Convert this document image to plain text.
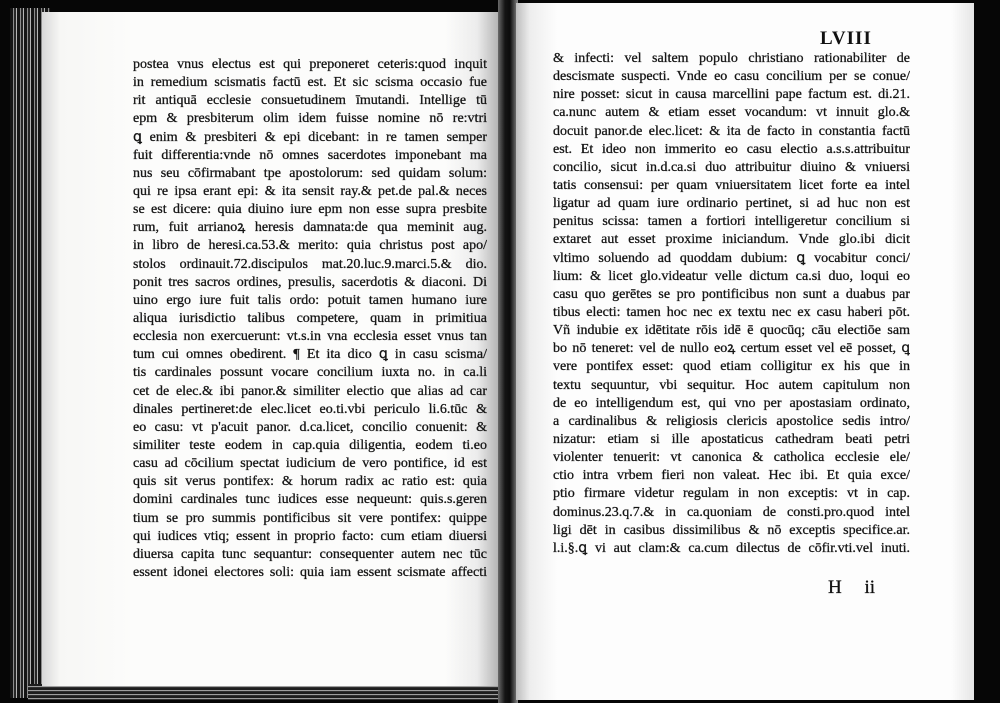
postea vnus electus est qui preponeret ceteris:quod inquit
in remedium scismatis factū est. Et sic scisma occasio fue
rit antiquā ecclesie consuetudinem īmutandi. Intellige tū
epm & presbiterum olim idem fuisse nomine nō re:vtri
ꝗ enim & presbiteri & epi dicebant: in re tamen semper
fuit differentia:vnde nō omnes sacerdotes imponebant ma
nus seu cōfirmabant tpe apostolorum: sed quidam solum:
qui re ipsa erant epi: & ita sensit ray.& pet.de pal.& neces
se est dicere: quia diuino iure epm non esse supra presbite
rum, fuit arrianoꝝ heresis damnata:de qua meminit aug.
in libro de heresi.ca.53.& merito: quia christus post apo/
stolos ordinauit.72.discipulos mat.20.luc.9.marci.5.& dio.
ponit tres sacros ordines, presulis, sacerdotis & diaconi. Di
uino ergo iure fuit talis ordo: potuit tamen humano iure
aliqua iurisdictio talibus competere, quam in primitiua
ecclesia non exercuerunt: vt.s.in vna ecclesia esset vnus tan
tum cui omnes obedirent. ¶ Et ita dico ꝗ in casu scisma/
tis cardinales possunt vocare concilium iuxta no. in ca.li
cet de elec.& ibi panor.& similiter electio que alias ad car
dinales pertineret:de elec.licet eo.ti.vbi periculo li.6.tūc &
eo casu: vt p'acuit panor. d.ca.licet, concilio conuenit: &
similiter teste eodem in cap.quia diligentia, eodem ti.eo
casu ad cōcilium spectat iudicium de vero pontifice, id est
quis sit verus pontifex: & horum radix ac ratio est: quia
domini cardinales tunc iudices esse nequeunt: quis.s.geren
tium se pro summis pontificibus sit vere pontifex: quippe
qui iudices vtiq; essent in proprio facto: cum etiam diuersi
diuersa capita tunc sequantur: consequenter autem nec tūc
essent idonei electores soli: quia iam essent scismate affecti
LVIII
& infecti: vel saltem populo christiano rationabiliter de
descismate suspecti. Vnde eo casu concilium per se conue/
nire posset: sicut in causa marcellini pape factum est. di.21.
ca.nunc autem & etiam esset vocandum: vt innuit glo.&
docuit panor.de elec.licet: & ita de facto in constantia factū
est. Et ideo non immerito eo casu electio a.s.s.attribuitur
concilio, sicut in.d.ca.si duo attribuitur diuino & vniuersi
tatis consensui: per quam vniuersitatem licet forte ea intel
ligatur ad quam iure ordinario pertinet, si ad huc non est
penitus scissa: tamen a fortiori intelligeretur concilium si
extaret aut esset proxime iniciandum. Vnde glo.ibi dicit
vltimo soluendo ad quoddam dubium: ꝗ vocabitur conci/
lium: & licet glo.videatur velle dictum ca.si duo, loqui eo
casu quo gerētes se pro pontificibus non sunt a duabus par
tibus electi: tamen hoc nec ex textu nec ex casu haberi pōt.
Vñ indubie ex idētitate rōis idē ē quocūq; cāu electiōe sam
bo nō teneret: vel de nullo eoꝝ certum esset vel eē posset, ꝗ
vere pontifex esset: quod etiam colligitur ex his que in
textu sequuntur, vbi sequitur. Hoc autem capitulum non
de eo intelligendum est, qui vno per apostasiam ordinato,
a cardinalibus & religiosis clericis apostolice sedis intro/
nizatur: etiam si ille apostaticus cathedram beati petri
violenter tenuerit: vt canonica & catholica ecclesie ele/
ctio intra vrbem fieri non valeat. Hec ibi. Et quia exce/
ptio firmare videtur regulam in non exceptis: vt in cap.
dominus.23.q.7.& in ca.quoniam de consti.pro.quod intel
ligi dēt in casibus dissimilibus & nō exceptis specifice.ar.
l.i.§.ꝗ vi aut clam:& ca.cum dilectus de cōfir.vti.vel inuti.
H ii
